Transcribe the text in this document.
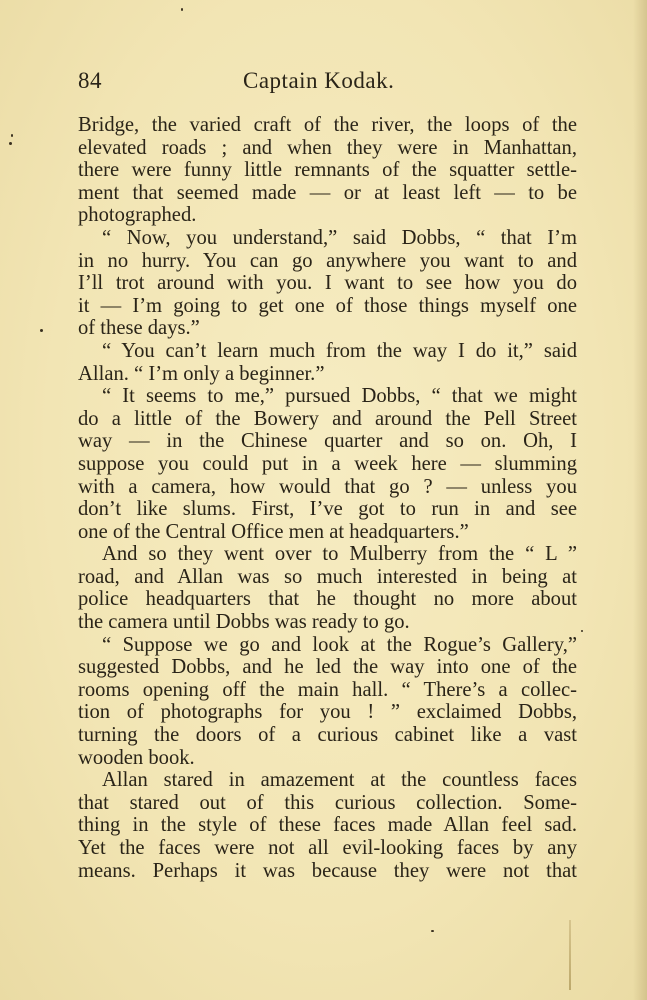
84	Captain Kodak.
Bridge, the varied craft of the river, the loops of the
elevated roads ; and when they were in Manhattan,
there were funny little remnants of the squatter settle-
ment that seemed made — or at least left — to be
photographed.
“ Now, you understand,” said Dobbs, “ that I’m
in no hurry. You can go anywhere you want to and
I’ll trot around with you. I want to see how you do
it — I’m going to get one of those things myself one
of these days.”
“ You can’t learn much from the way I do it,” said
Allan. “ I’m only a beginner.”
“ It seems to me,” pursued Dobbs, “ that we might
do a little of the Bowery and around the Pell Street
way — in the Chinese quarter and so on. Oh, I
suppose you could put in a week here — slumming
with a camera, how would that go ? — unless you
don’t like slums. First, I’ve got to run in and see
one of the Central Office men at headquarters.”
And so they went over to Mulberry from the “ L ”
road, and Allan was so much interested in being at
police headquarters that he thought no more about
the camera until Dobbs was ready to go.
“ Suppose we go and look at the Rogue’s Gallery,”
suggested Dobbs, and he led the way into one of the
rooms opening off the main hall. “ There’s a collec-
tion of photographs for you ! ” exclaimed Dobbs,
turning the doors of a curious cabinet like a vast
wooden book.
Allan stared in amazement at the countless faces
that stared out of this curious collection. Some-
thing in the style of these faces made Allan feel sad.
Yet the faces were not all evil-looking faces by any
means. Perhaps it was because they were not that
